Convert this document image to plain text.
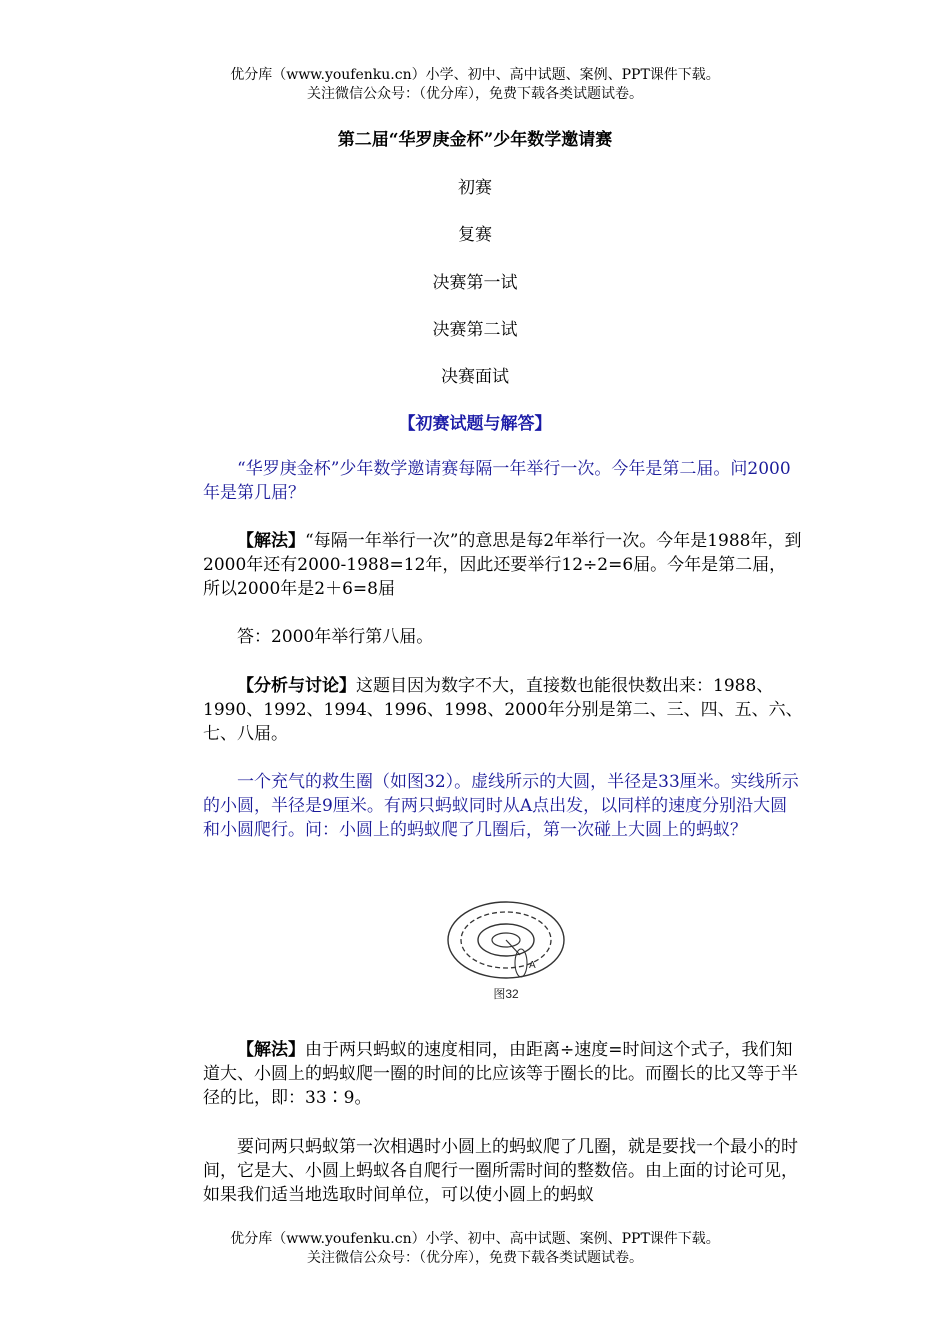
优分库（www.youfenku.cn）小学、初中、高中试题、案例、PPT课件下载。
关注微信公众号：（优分库），免费下载各类试题试卷。
第二届“华罗庚金杯”少年数学邀请赛
初赛
复赛
决赛第一试
决赛第二试
决赛面试
【初赛试题与解答】

“华罗庚金杯”少年数学邀请赛每隔一年举行一次。今年是第二届。问2000年是第几届？

【解法】“每隔一年举行一次”的意思是每2年举行一次。今年是1988年，到2000年还有2000-1988=12年，因此还要举行12÷2=6届。今年是第二届，所以2000年是2＋6=8届

答：2000年举行第八届。

【分析与讨论】这题目因为数字不大，直接数也能很快数出来：1988、1990、1992、1994、1996、1998、2000年分别是第二、三、四、五、六、七、八届。

一个充气的救生圈（如图32）。虚线所示的大圆，半径是33厘米。实线所示的小圆，半径是9厘米。有两只蚂蚁同时从A点出发，以同样的速度分别沿大圆和小圆爬行。问：小圆上的蚂蚁爬了几圈后，第一次碰上大圆上的蚂蚁？

A
图32

【解法】由于两只蚂蚁的速度相同，由距离÷速度=时间这个式子，我们知道大、小圆上的蚂蚁爬一圈的时间的比应该等于圈长的比。而圈长的比又等于半径的比，即：33∶9。

要问两只蚂蚁第一次相遇时小圆上的蚂蚁爬了几圈，就是要找一个最小的时间，它是大、小圆上蚂蚁各自爬行一圈所需时间的整数倍。由上面的讨论可见，如果我们适当地选取时间单位，可以使小圆上的蚂蚁

优分库（www.youfenku.cn）小学、初中、高中试题、案例、PPT课件下载。
关注微信公众号：（优分库），免费下载各类试题试卷。
